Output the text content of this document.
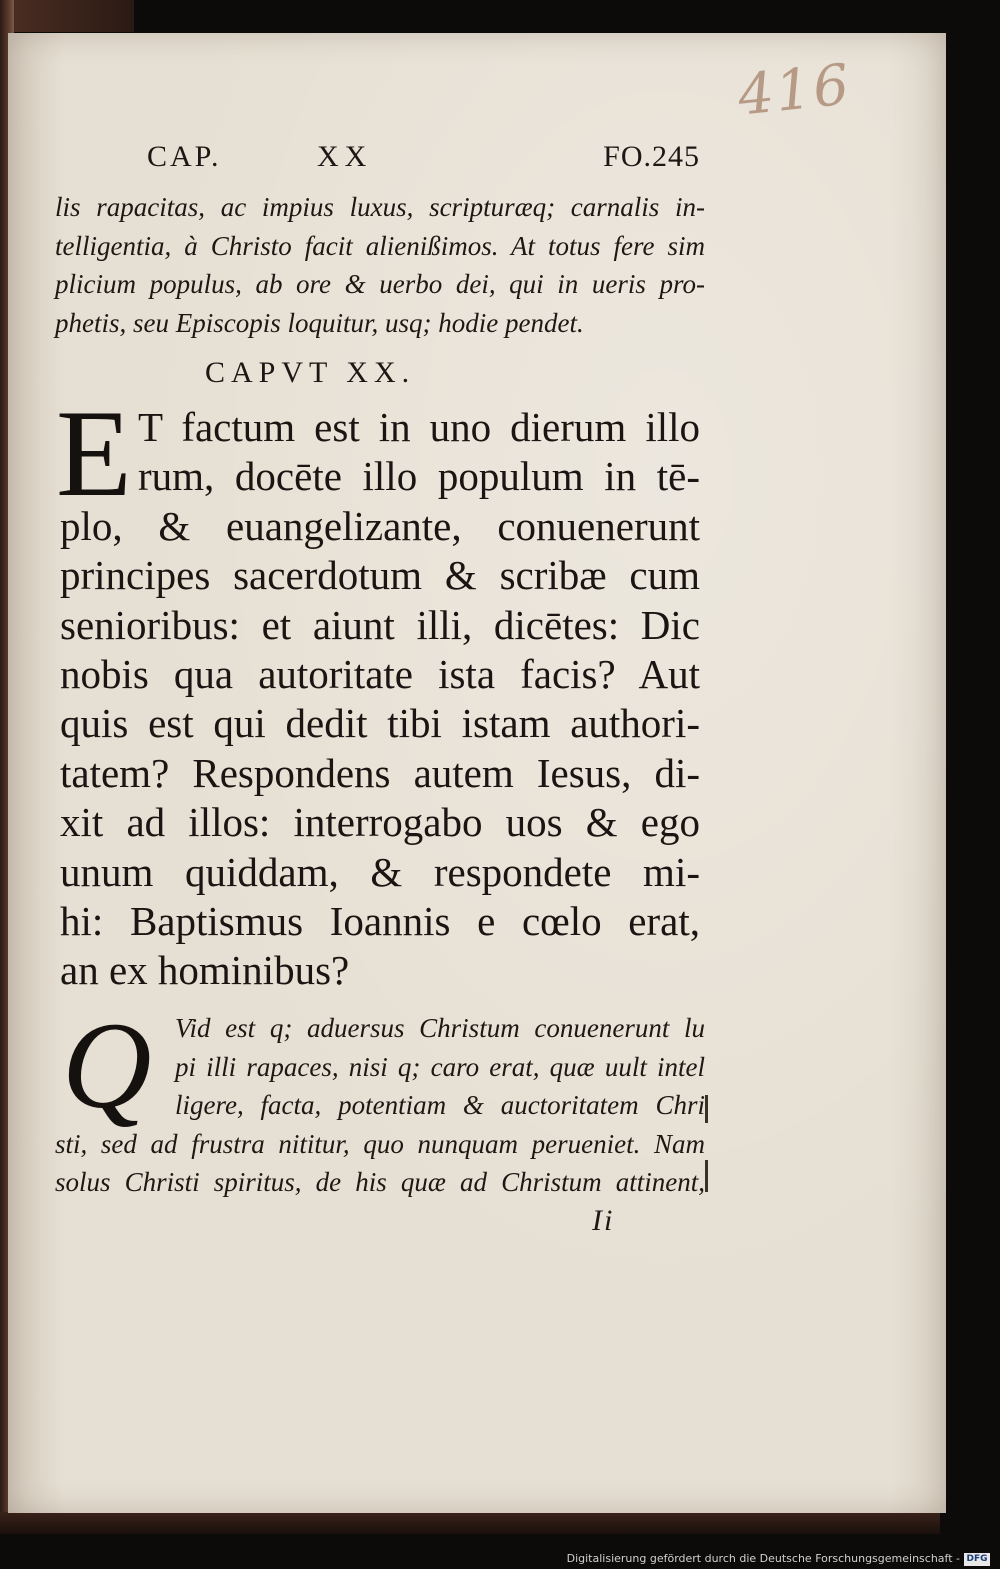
416
CAP.	XX	FO.245
lis rapacitas, ac impius luxus, scripturæq; carnalis in-
telligentia, à Christo facit alienißimos. At totus fere sim
plicium populus, ab ore & uerbo dei, qui in ueris pro-
phetis, seu Episcopis loquitur, usq; hodie pendet.
CAPVT XX.
E T factum est in uno dierum illo
rum, docēte illo populum in tē-
plo, & euangelizante, conuenerunt
principes sacerdotum & scribæ cum
senioribus: et aiunt illi, dicētes: Dic
nobis qua autoritate ista facis? Aut
quis est qui dedit tibi istam authori-
tatem? Respondens autem Iesus, di-
xit ad illos: interrogabo uos & ego
unum quiddam, & respondete mi-
hi: Baptismus Ioannis e cœlo erat,
an ex hominibus?
Q Vid est q; aduersus Christum conuenerunt lu
pi illi rapaces, nisi q; caro erat, quæ uult intel
ligere, facta, potentiam & auctoritatem Chri
sti, sed ad frustra nititur, quo nunquam perueniet. Nam
solus Christi spiritus, de his quæ ad Christum attinent,
Ii
Digitalisierung gefördert durch die Deutsche Forschungsgemeinschaft - DFG
